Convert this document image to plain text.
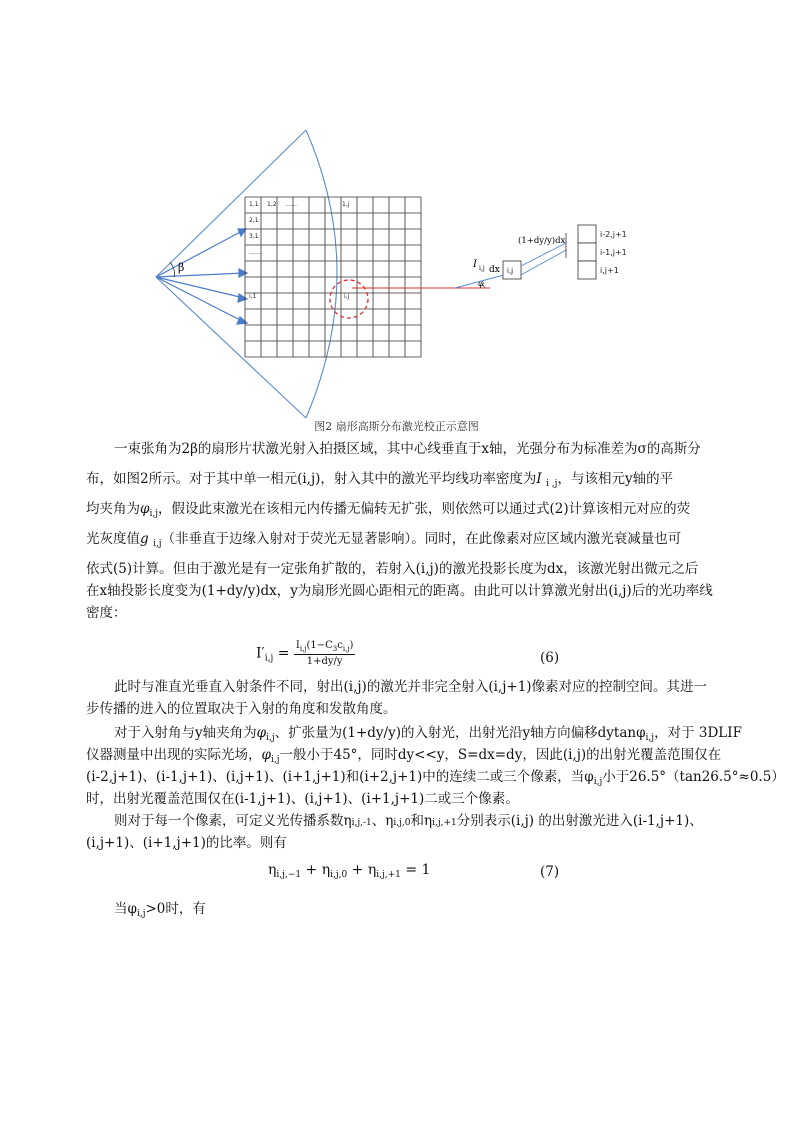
β
1,1 1,2 ……	1,j
2,1
3,1
……
i,1	i,j
φ
I i,j dx i,j
(1+dy/y)dx
i-2,j+1
i-1,j+1
i,j+1
图2 扇形高斯分布激光校正示意图
一束张角为2β的扇形片状激光射入拍摄区域，其中心线垂直于x轴，光强分布为标准差为σ的高斯分
布，如图2所示。对于其中单一相元(i,j)，射入其中的激光平均线功率密度为I $_{i ,j}$，与该相元y轴的平
均夹角为$\varphi_{i,j}$，假设此束激光在该相元内传播无偏转无扩张，则依然可以通过式(2)计算该相元对应的荧
光灰度值g $_{i,j}$（非垂直于边缘入射对于荧光无显著影响）。同时，在此像素对应区域内激光衰减量也可
依式(5)计算。但由于激光是有一定张角扩散的，若射入(i,j)的激光投影长度为dx，该激光射出微元之后
在x轴投影长度变为(1+dy/y)dx，y为扇形光圆心距相元的距离。由此可以计算激光射出(i,j)后的光功率线
密度：
$I'_{i,j} = \frac{I_{i,j}(1-C_3c_{i,j})}{1+dy/y}$	(6)
此时与准直光垂直入射条件不同，射出(i,j)的激光并非完全射入(i,j+1)像素对应的控制空间。其进一
步传播的进入的位置取决于入射的角度和发散角度。
对于入射角与y轴夹角为$\varphi_{i,j}$、扩张量为(1+dy/y)的入射光，出射光沿y轴方向偏移dytanφ$_{i,j}$，对于 3DLIF
仪器测量中出现的实际光场，$\varphi_{i,j}$一般小于45°，同时dy<<y，S=dx=dy，因此(i,j)的出射光覆盖范围仅在
(i-2,j+1)、(i-1,j+1)、(i,j+1)、(i+1,j+1)和(i+2,j+1)中的连续二或三个像素，当$\varphi_{i,j}$小于26.5°（tan26.5°≈0.5）
时，出射光覆盖范围仅在(i-1,j+1)、(i,j+1)、(i+1,j+1)二或三个像素。
则对于每一个像素，可定义光传播系数ηi,j,-1、ηi,j,0和ηi,j,+1分别表示(i,j) 的出射激光进入(i-1,j+1)、
(i,j+1)、(i+1,j+1)的比率。则有
$\eta_{i,j,-1} + \eta_{i,j,0} + \eta_{i,j,+1} = 1$	(7)
当$\varphi_{i,j}>0$时，有
